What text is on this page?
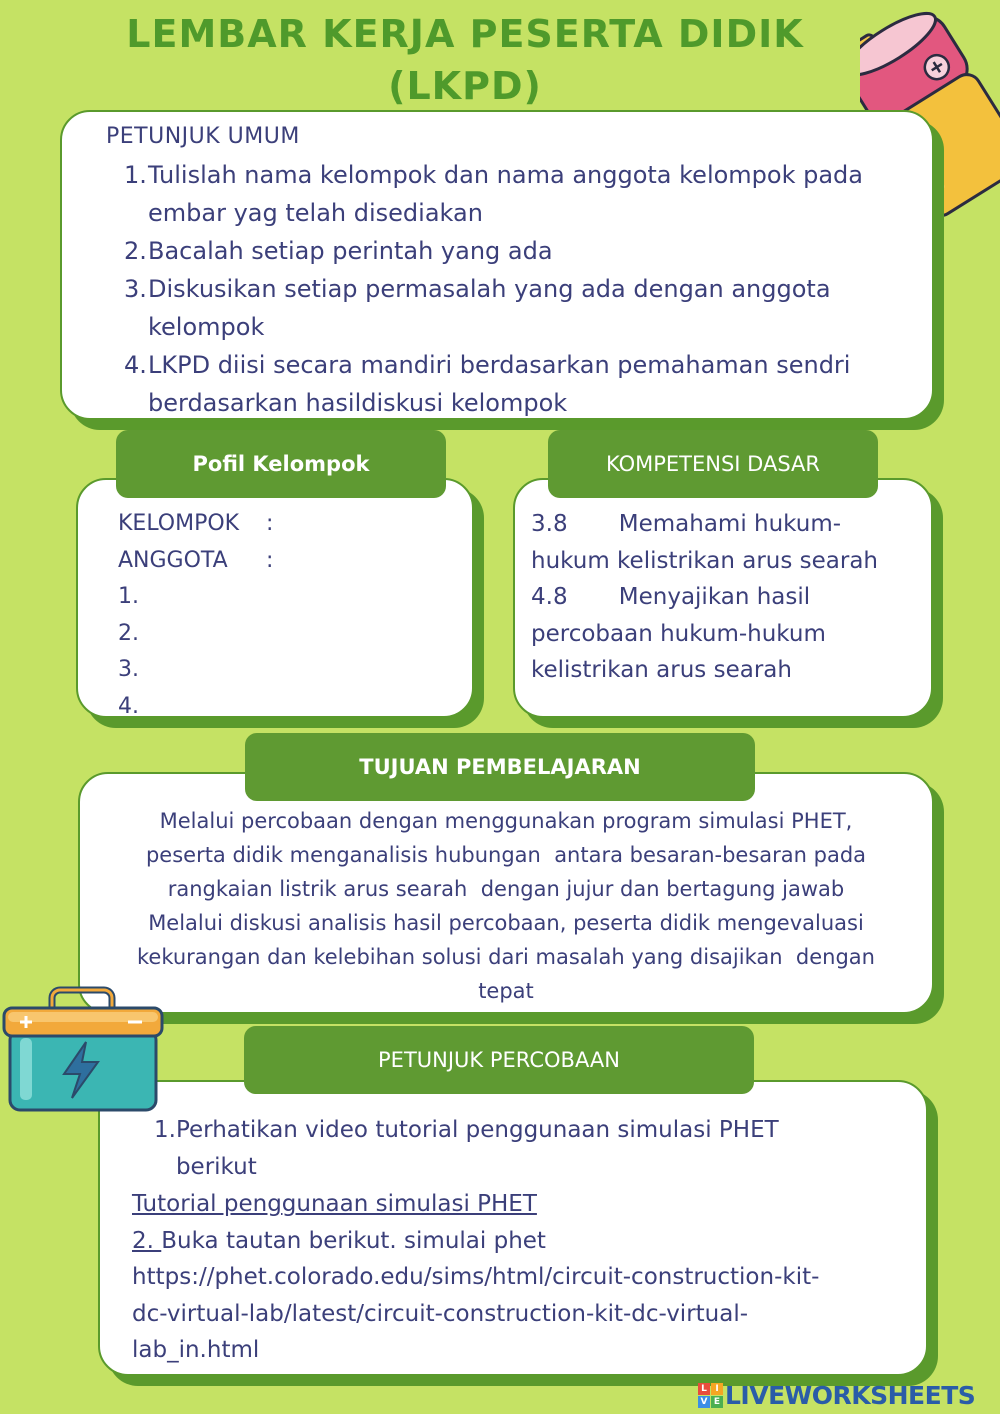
LEMBAR KERJA PESERTA DIDIK
(LKPD)
PETUNJUK UMUM
1. Tulislah nama kelompok dan nama anggota kelompok pada embar yag telah disediakan
2. Bacalah setiap perintah yang ada
3. Diskusikan setiap permasalah yang ada dengan anggota kelompok
4. LKPD diisi secara mandiri berdasarkan pemahaman sendri berdasarkan hasildiskusi kelompok
KELOMPOK :
ANGGOTA :
1.
2.
3.
4.
Pofil Kelompok
3.8       Memahami hukum-
hukum kelistrikan arus searah
4.8       Menyajikan hasil
percobaan hukum-hukum
kelistrikan arus searah
KOMPETENSI DASAR
Melalui percobaan dengan menggunakan program simulasi PHET,
peserta didik menganalisis hubungan  antara besaran-besaran pada
rangkaian listrik arus searah  dengan jujur dan bertagung jawab
Melalui diskusi analisis hasil percobaan, peserta didik mengevaluasi
kekurangan dan kelebihan solusi dari masalah yang disajikan  dengan
tepat
TUJUAN PEMBELAJARAN
1. Perhatikan video tutorial penggunaan simulasi PHET berikut
Tutorial penggunaan simulasi PHET
2. Buka tautan berikut. simulai phet
https://phet.colorado.edu/sims/html/circuit-construction-kit-
dc-virtual-lab/latest/circuit-construction-kit-dc-virtual-
lab_in.html
PETUNJUK PERCOBAAN
L I
V E LIVEWORKSHEETS
